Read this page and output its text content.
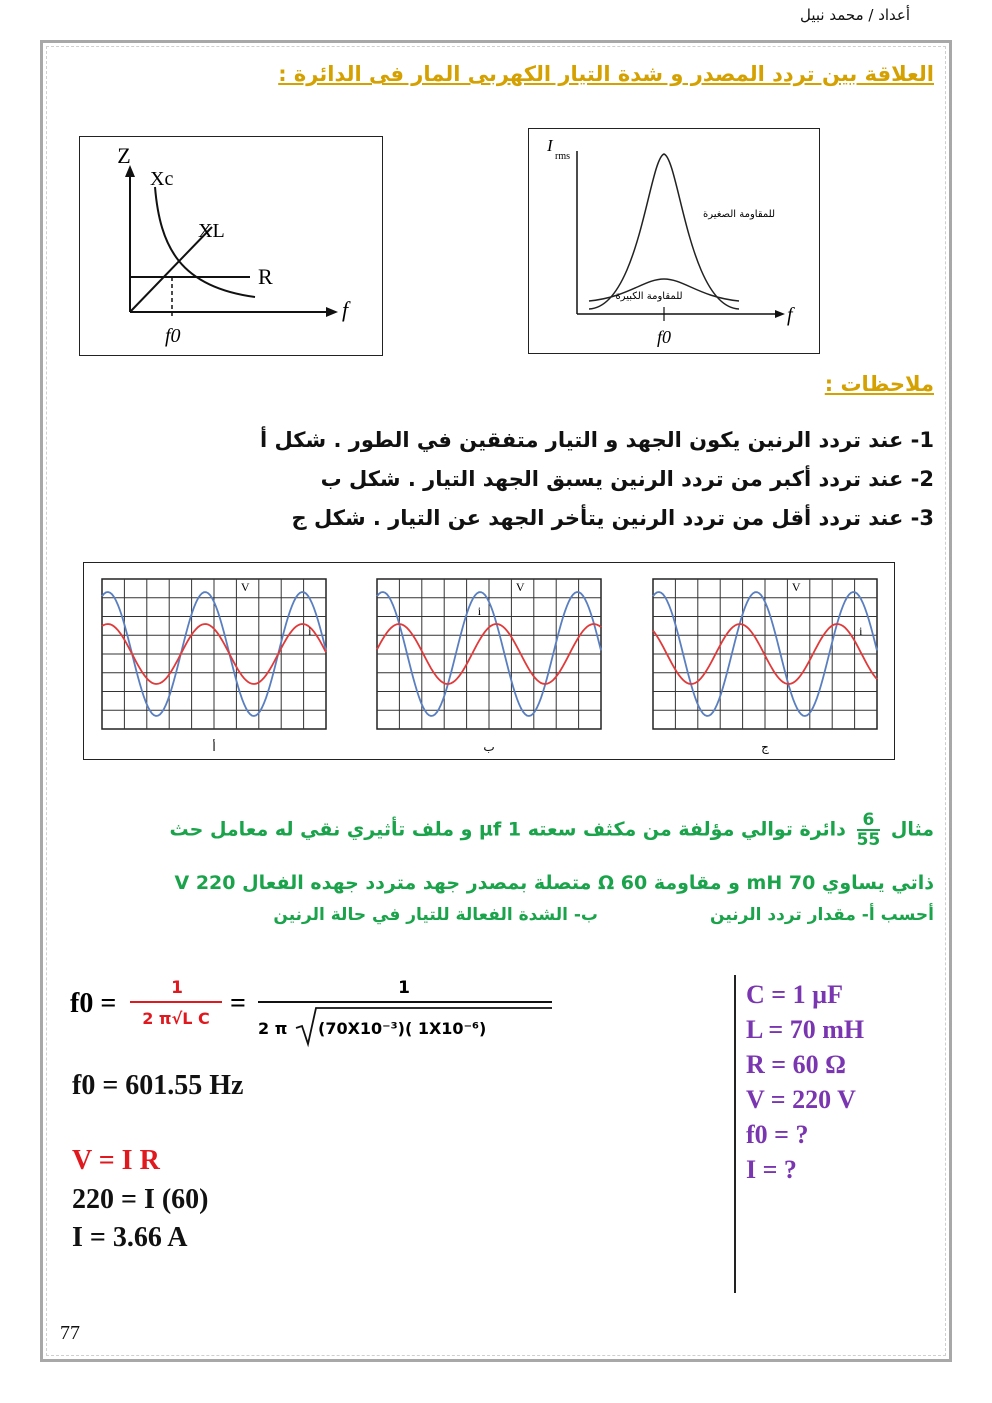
أعداد / محمد نبيل
العلاقة بين تردد المصدر و شدة التيار الكهربى المار فى الدائرة :
Z
Xc
XL
R
f
f0
I
rms
للمقاومة الصغيرة
للمقاومة الكبيرة
f
f0
ملاحظات :
1- عند تردد الرنين يكون الجهد و التيار متفقين في الطور . شكل أ
2- عند تردد أكبر من تردد الرنين يسبق الجهد التيار . شكل ب
3- عند تردد أقل من تردد الرنين يتأخر الجهد عن التيار . شكل ج
V
i
أ
V
i
ب
V
i
ج
مثال
$\frac{6}{55}$
دائرة توالي مؤلفة من مكثف سعته 1 µf و ملف تأثيري نقي له معامل حث
ذاتي يساوي 70 mH و مقاومة 60 Ω متصلة بمصدر جهد متردد جهده الفعال 220 V
أحسب أ- مقدار تردد الرنين
ب- الشدة الفعالة للتيار في حالة الرنين
f0 =	1
2 π√L C =	1
2 π (70X10⁻³)( 1X10⁻⁶)
f0 = 601.55 Hz
V = I R
220 = I (60)
I = 3.66 A
C = 1 µF
L = 70 mH
R = 60 Ω
V = 220 V
f0 = ?
I = ?
77
